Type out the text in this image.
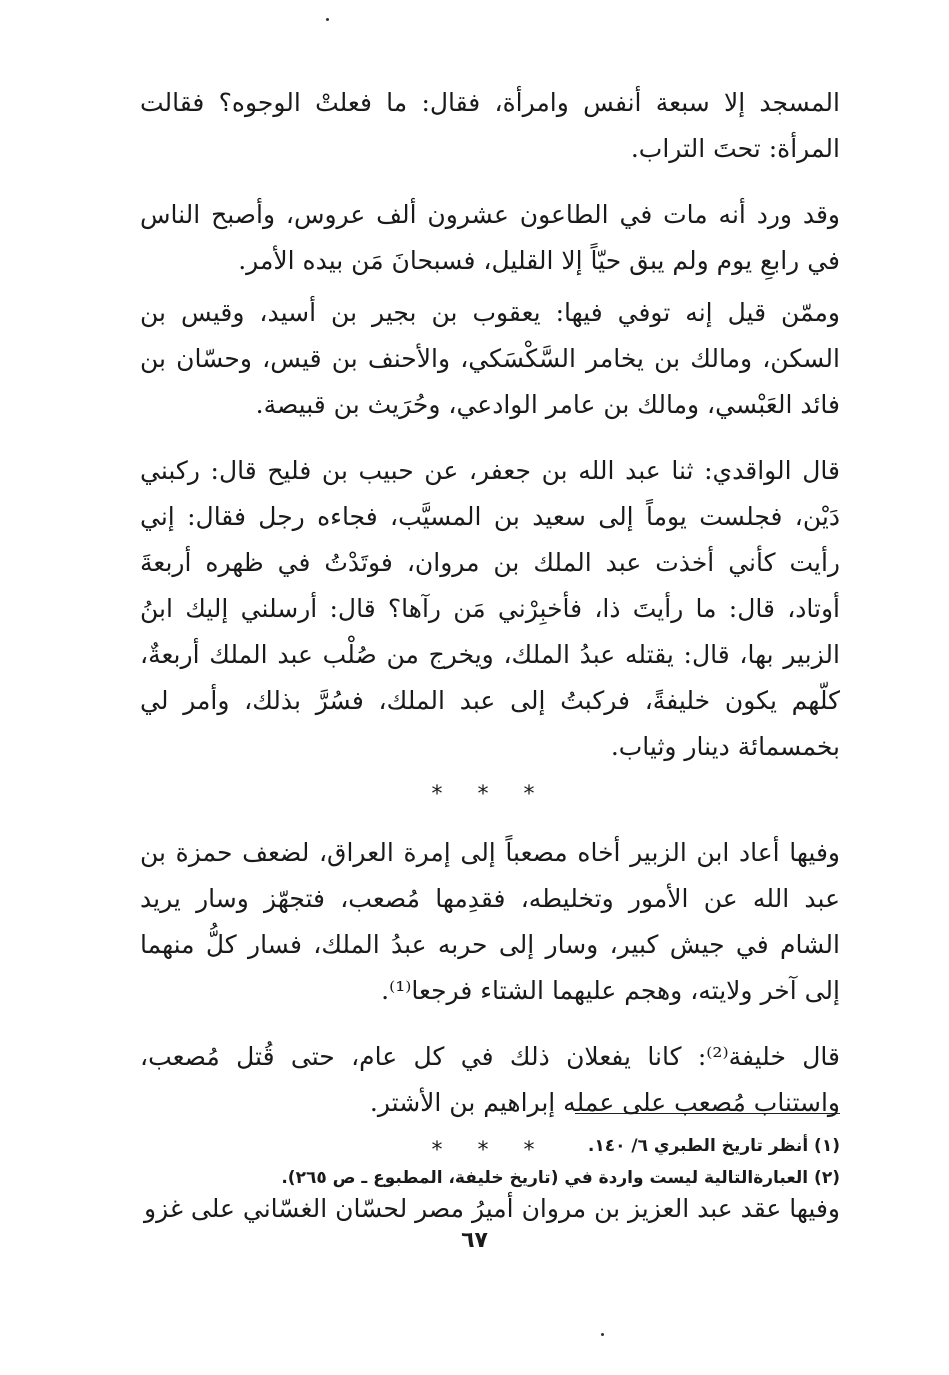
المسجد إلا سبعة أنفس وامرأة، فقال: ما فعلتْ الوجوه؟ فقالت المرأة: تحتَ التراب.

وقد ورد أنه مات في الطاعون عشرون ألف عروس، وأصبح الناس في رابعِ يوم ولم يبق حيّاً إلا القليل، فسبحانَ مَن بيده الأمر.

وممّن قيل إنه توفي فيها: يعقوب بن بجير بن أسيد، وقيس بن السكن، ومالك بن يخامر السَّكْسَكي، والأحنف بن قيس، وحسّان بن فائد العَبْسي، ومالك بن عامر الوادعي، وحُرَيث بن قبيصة.

قال الواقدي: ثنا عبد الله بن جعفر، عن حبيب بن فليح قال: ركبني دَيْن، فجلست يوماً إلى سعيد بن المسيَّب، فجاءه رجل فقال: إني رأيت كأني أخذت عبد الملك بن مروان، فوتَدْتُ في ظهره أربعةَ أوتاد، قال: ما رأيتَ ذا، فأخبِرْني مَن رآها؟ قال: أرسلني إليك ابنُ الزبير بها، قال: يقتله عبدُ الملك، ويخرج من صُلْب عبد الملك أربعةٌ، كلّهم يكون خليفةً، فركبتُ إلى عبد الملك، فسُرَّ بذلك، وأمر لي بخمسمائة دينار وثياب.

* * *

وفيها أعاد ابن الزبير أخاه مصعباً إلى إمرة العراق، لضعف حمزة بن عبد الله عن الأمور وتخليطه، فقدِمها مُصعب، فتجهّز وسار يريد الشام في جيش كبير، وسار إلى حربه عبدُ الملك، فسار كلُّ منهما إلى آخر ولايته، وهجم عليهما الشتاء فرجعا⁽¹⁾.

قال خليفة⁽²⁾: كانا يفعلان ذلك في كل عام، حتى قُتل مُصعب، واستناب مُصعب على عمله إبراهيم بن الأشتر.

* * *

وفيها عقد عبد العزيز بن مروان أميرُ مصر لحسّان الغسّاني على غزو

(١) أنظر تاريخ الطبري ٦/ ١٤٠.

(٢) العبارةالتالية ليست واردة في (تاريخ خليفة، المطبوع ـ ص ٢٦٥).

٦٧
